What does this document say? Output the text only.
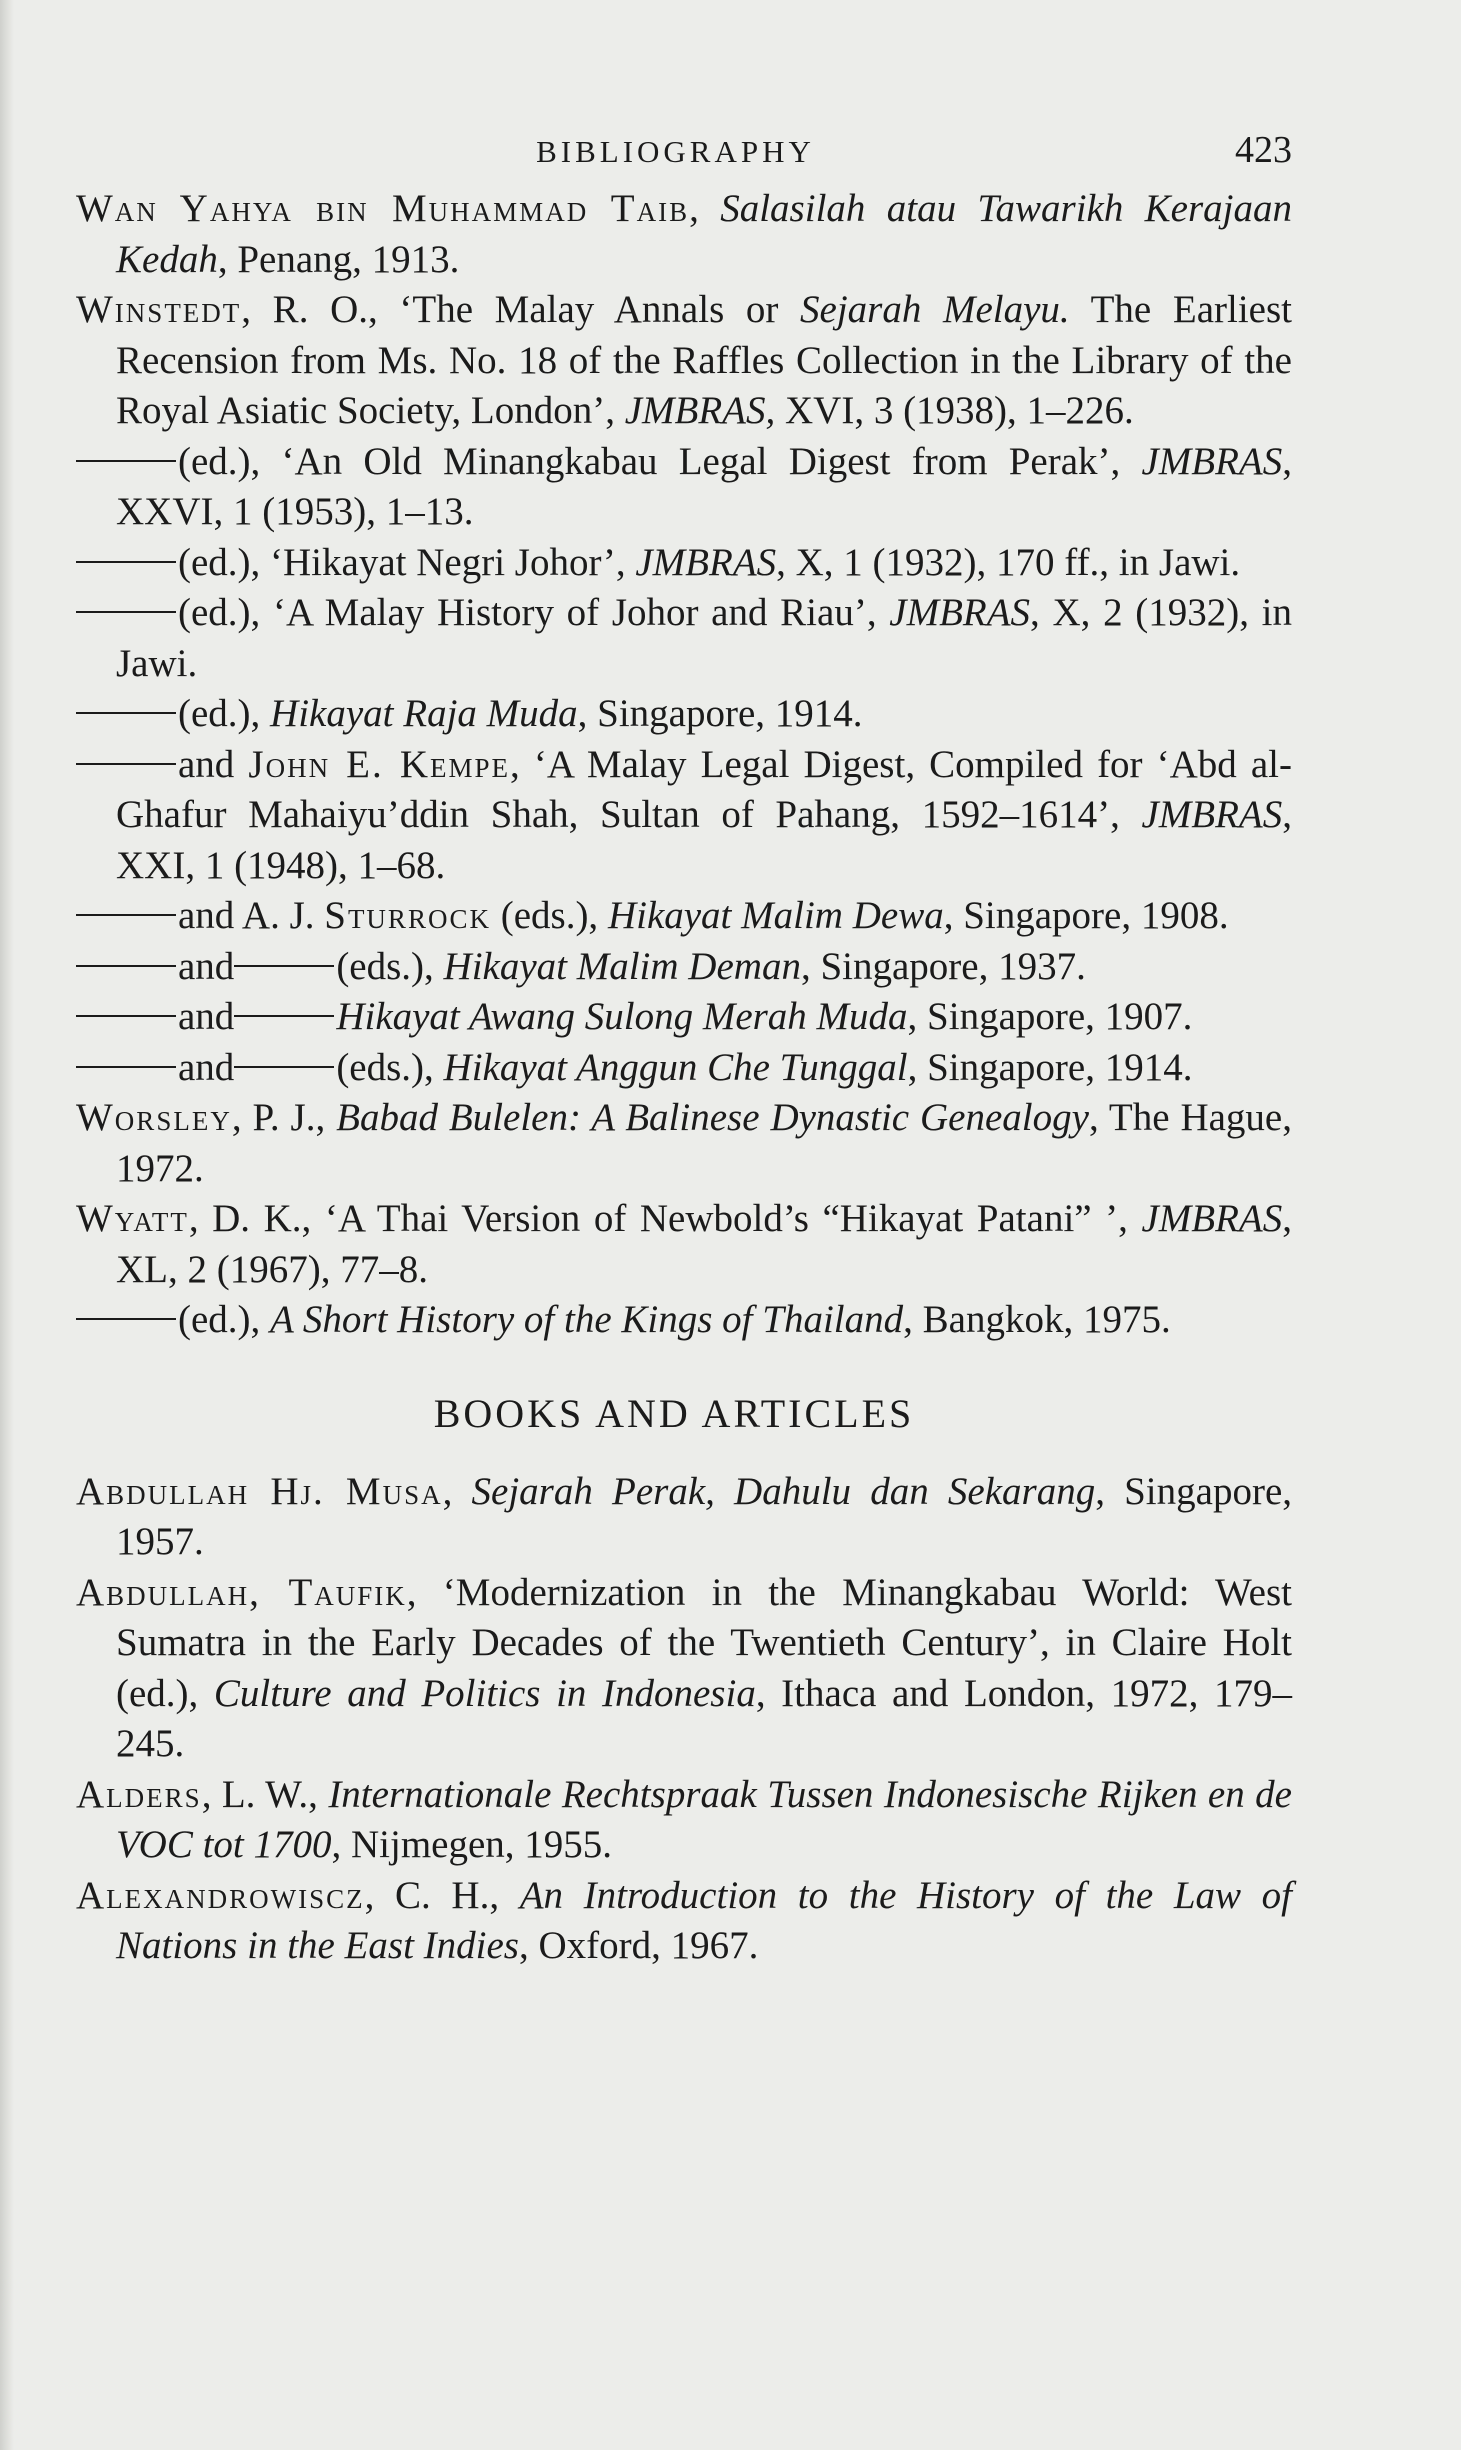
BIBLIOGRAPHY	423

Wan Yahya bin Muhammad Taib, Salasilah atau Tawarikh Kerajaan Kedah, Penang, 1913.

Winstedt, R. O., ‘The Malay Annals or Sejarah Melayu. The Earliest Recension from Ms. No. 18 of the Raffles Collection in the Library of the Royal Asiatic Society, London’, JMBRAS, XVI, 3 (1938), 1–226.

(ed.), ‘An Old Minangkabau Legal Digest from Perak’, JMBRAS, XXVI, 1 (1953), 1–13.

(ed.), ‘Hikayat Negri Johor’, JMBRAS, X, 1 (1932), 170 ff., in Jawi.

(ed.), ‘A Malay History of Johor and Riau’, JMBRAS, X, 2 (1932), in Jawi.

(ed.), Hikayat Raja Muda, Singapore, 1914.

and John E. Kempe, ‘A Malay Legal Digest, Compiled for ‘Abd al-Ghafur Mahaiyu’ddin Shah, Sultan of Pahang, 1592–1614’, JMBRAS, XXI, 1 (1948), 1–68.

and A. J. Sturrock (eds.), Hikayat Malim Dewa, Singapore, 1908.

and	(eds.), Hikayat Malim Deman, Singapore, 1937.

and	Hikayat Awang Sulong Merah Muda, Singapore, 1907.

and	(eds.), Hikayat Anggun Che Tunggal, Singapore, 1914.

Worsley, P. J., Babad Bulelen: A Balinese Dynastic Genealogy, The Hague, 1972.

Wyatt, D. K., ‘A Thai Version of Newbold’s “Hikayat Patani” ’, JMBRAS, XL, 2 (1967), 77–8.

(ed.), A Short History of the Kings of Thailand, Bangkok, 1975.

BOOKS AND ARTICLES

Abdullah Hj. Musa, Sejarah Perak, Dahulu dan Sekarang, Singapore, 1957.

Abdullah, Taufik, ‘Modernization in the Minangkabau World: West Sumatra in the Early Decades of the Twentieth Century’, in Claire Holt (ed.), Culture and Politics in Indonesia, Ithaca and London, 1972, 179–245.

Alders, L. W., Internationale Rechtspraak Tussen Indonesische Rijken en de VOC tot 1700, Nijmegen, 1955.

Alexandrowiscz, C. H., An Introduction to the History of the Law of Nations in the East Indies, Oxford, 1967.
